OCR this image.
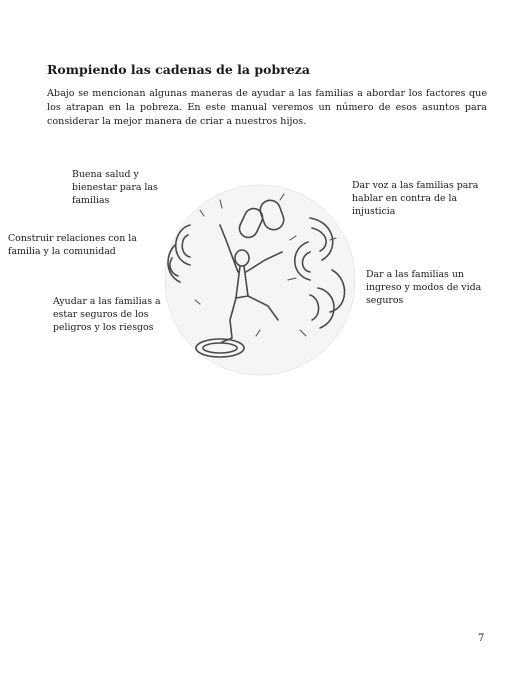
Rompiendo las cadenas de la pobreza

Abajo se mencionan algunas maneras de ayudar a las familias a abordar los factores que los atrapan en la pobreza. En este manual veremos un número de esos asuntos para considerar la mejor manera de criar a nuestros hijos.

Buena salud y bienestar para las familias

Construir relaciones con la familia y la comunidad

Ayudar a las familias a estar seguros de los peligros y los riesgos

Dar voz a las familias para hablar en contra de la injusticia

Dar a las familias un ingreso y modos de vida seguros

7
